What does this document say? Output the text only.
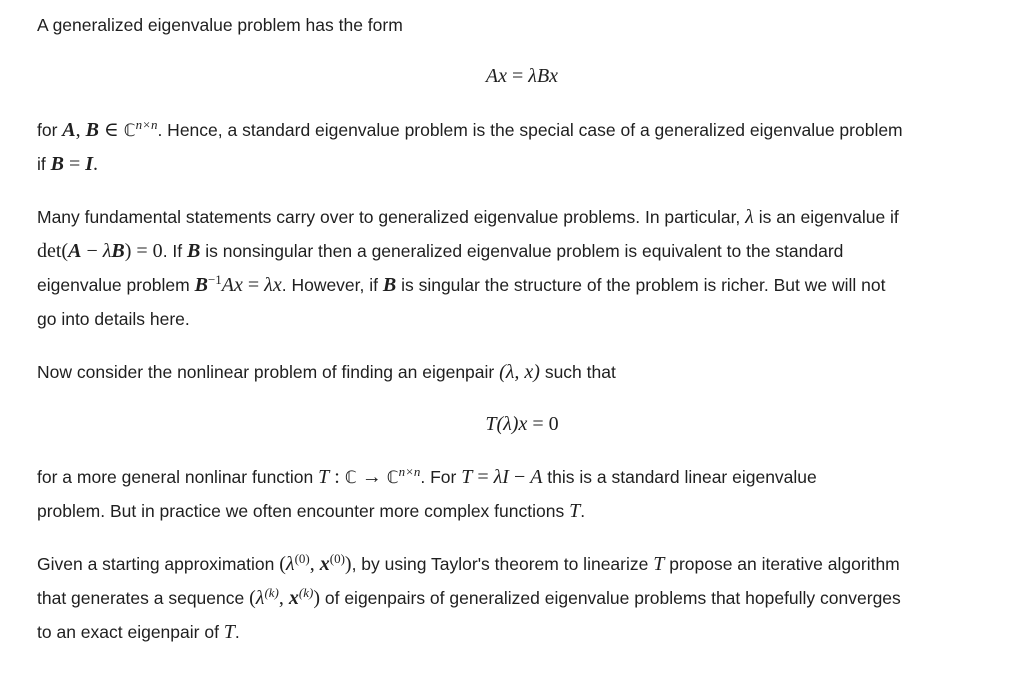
A generalized eigenvalue problem has the form
Ax = λBx
for A, B ∈ ℂ$^{n\times n}$. Hence, a standard eigenvalue problem is the special case of a generalized eigenvalue problem
if B = I.
Many fundamental statements carry over to generalized eigenvalue problems. In particular, λ is an eigenvalue if
det(A − λB) = 0. If B is nonsingular then a generalized eigenvalue problem is equivalent to the standard
eigenvalue problem $B^{-1}Ax = \lambda x$. However, if B is singular the structure of the problem is richer. But we will not
go into details here.
Now consider the nonlinear problem of finding an eigenpair (λ, x) such that
T(λ)x = 0
for a more general nonlinar function T : ℂ → ℂ$^{n\times n}$. For T = λI − A this is a standard linear eigenvalue
problem. But in practice we often encounter more complex functions T.
Given a starting approximation ($\lambda^{(0)}$, $x^{(0)}$), by using Taylor's theorem to linearize T propose an iterative algorithm
that generates a sequence ($\lambda^{(k)}$, $x^{(k)}$) of eigenpairs of generalized eigenvalue problems that hopefully converges
to an exact eigenpair of T.
